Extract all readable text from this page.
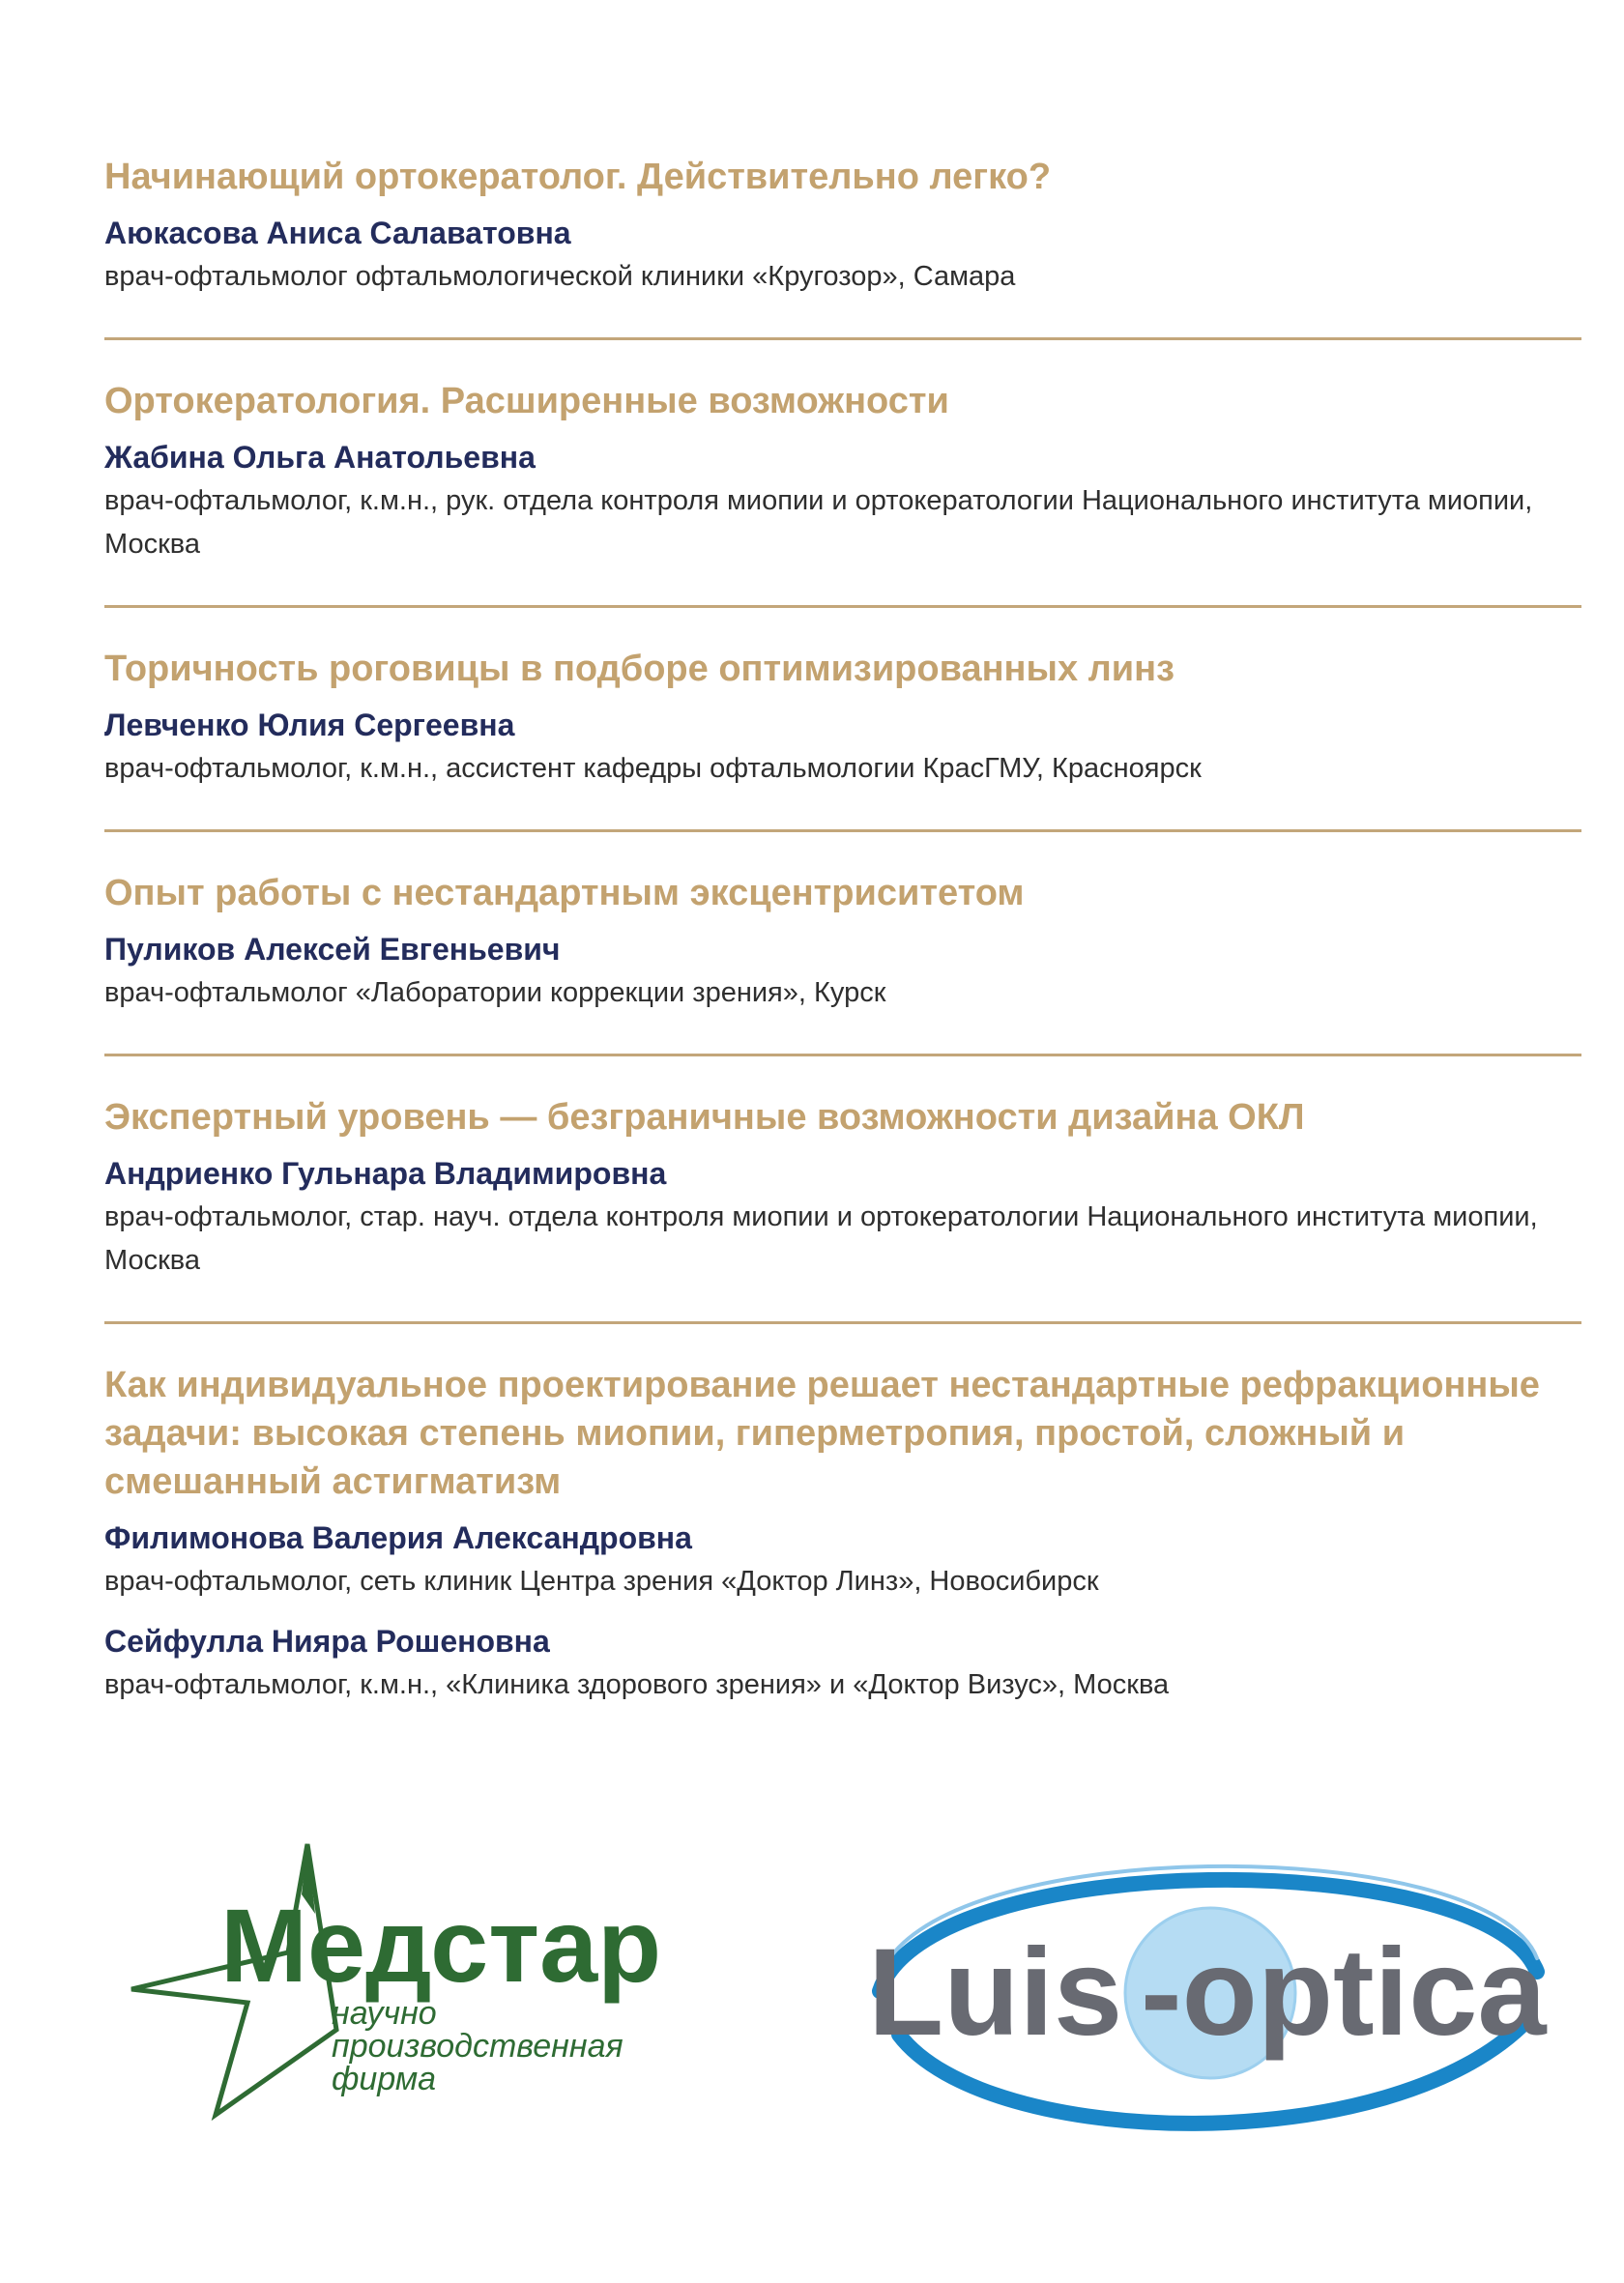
Начинающий ортокератолог. Действительно легко?
Аюкасова Аниса Салаватовна
врач-офтальмолог офтальмологической клиники «Кругозор», Самара
Ортокератология. Расширенные возможности
Жабина Ольга Анатольевна
врач-офтальмолог, к.м.н., рук. отдела контроля миопии и ортокератологии Национального института миопии, Москва
Торичность роговицы в подборе оптимизированных линз
Левченко Юлия Сергеевна
врач-офтальмолог, к.м.н., ассистент кафедры офтальмологии КрасГМУ, Красноярск
Опыт работы с нестандартным эксцентриситетом
Пуликов Алексей Евгеньевич
врач-офтальмолог «Лаборатории коррекции зрения», Курск
Экспертный уровень — безграничные возможности дизайна ОКЛ
Андриенко Гульнара Владимировна
врач-офтальмолог, стар. науч. отдела контроля миопии и ортокератологии Национального института миопии, Москва
Как индивидуальное проектирование решает нестандартные рефракционные задачи: высокая степень миопии, гиперметропия, простой, сложный и смешанный астигматизм
Филимонова Валерия Александровна
врач-офтальмолог, сеть клиник Центра зрения «Доктор Линз», Новосибирск
Сейфулла Нияра Рошеновна
врач-офтальмолог, к.м.н., «Клиника здорового зрения» и «Доктор Визус», Москва
Медстар
научно
производственная
фирма
Luis -optica
